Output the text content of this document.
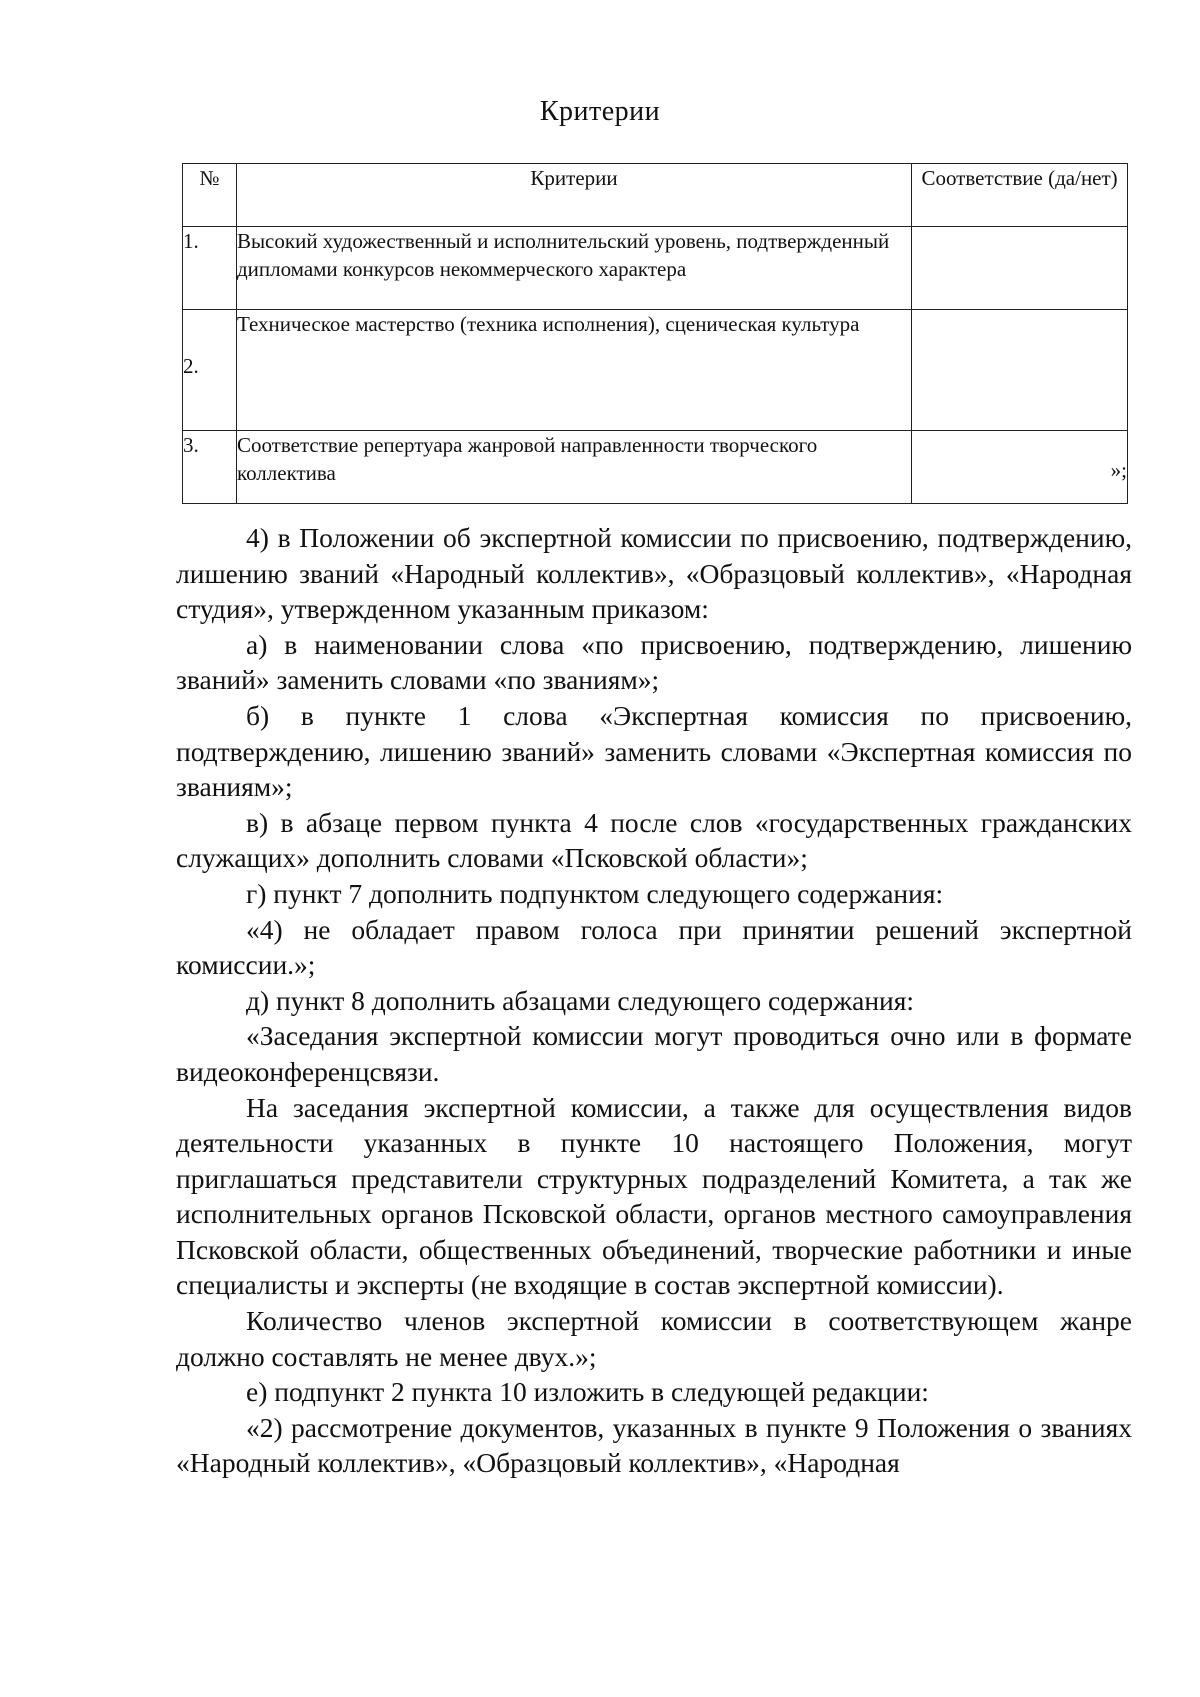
Критерии
№	Критерии	Соответствие (да/нет)
1.	Высокий художественный и исполнительский уровень, подтвержденный дипломами конкурсов некоммерческого характера	
2.	Техническое мастерство (техника исполнения), сценическая культура	
3.	Соответствие репертуара жанровой направленности творческого коллектива	»;

4) в Положении об экспертной комиссии по присвоению, подтверждению, лишению званий «Народный коллектив», «Образцовый коллектив», «Народная студия», утвержденном указанным приказом:

а) в наименовании слова «по присвоению, подтверждению, лишению званий» заменить словами «по званиям»;

б) в пункте 1 слова «Экспертная комиссия по присвоению, подтверждению, лишению званий» заменить словами «Экспертная комиссия по званиям»;

в) в абзаце первом пункта 4 после слов «государственных гражданских служащих» дополнить словами «Псковской области»;

г) пункт 7 дополнить подпунктом следующего содержания:

«4) не обладает правом голоса при принятии решений экспертной комиссии.»;

д) пункт 8 дополнить абзацами следующего содержания:

«Заседания экспертной комиссии могут проводиться очно или в формате видеоконференцсвязи.

На заседания экспертной комиссии, а также для осуществления видов деятельности указанных в пункте 10 настоящего Положения, могут приглашаться представители структурных подразделений Комитета, а так же исполнительных органов Псковской области, органов местного самоуправления Псковской области, общественных объединений, творческие работники и иные специалисты и эксперты (не входящие в состав экспертной комиссии).

Количество членов экспертной комиссии в соответствующем жанре должно составлять не менее двух.»;

е) подпункт 2 пункта 10 изложить в следующей редакции:

«2) рассмотрение документов, указанных в пункте 9 Положения о званиях «Народный коллектив», «Образцовый коллектив», «Народная
